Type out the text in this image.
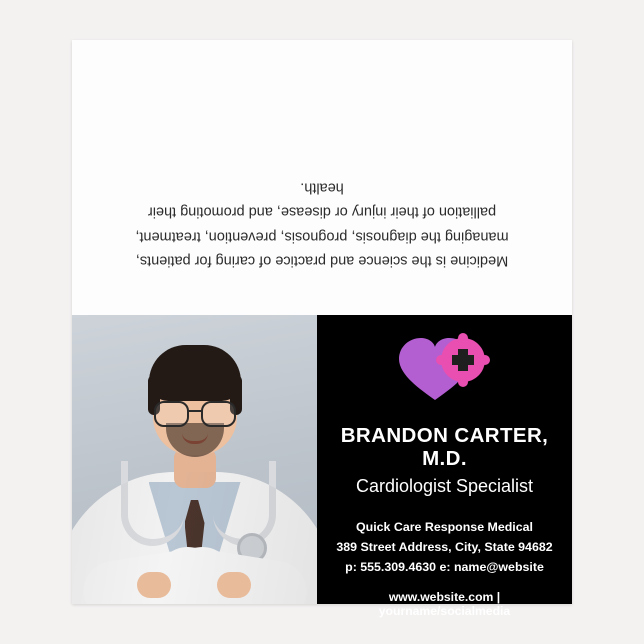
Medicine is the science and practice of caring for patients, managing the diagnosis, prognosis, prevention, treatment, palliation of their injury or disease, and promoting their health.

BRANDON CARTER, M.D.
Cardiologist Specialist
Quick Care Response Medical
389 Street Address, City, State 94682
p: 555.309.4630 e: name@website
www.website.com | yourname/socialmedia
